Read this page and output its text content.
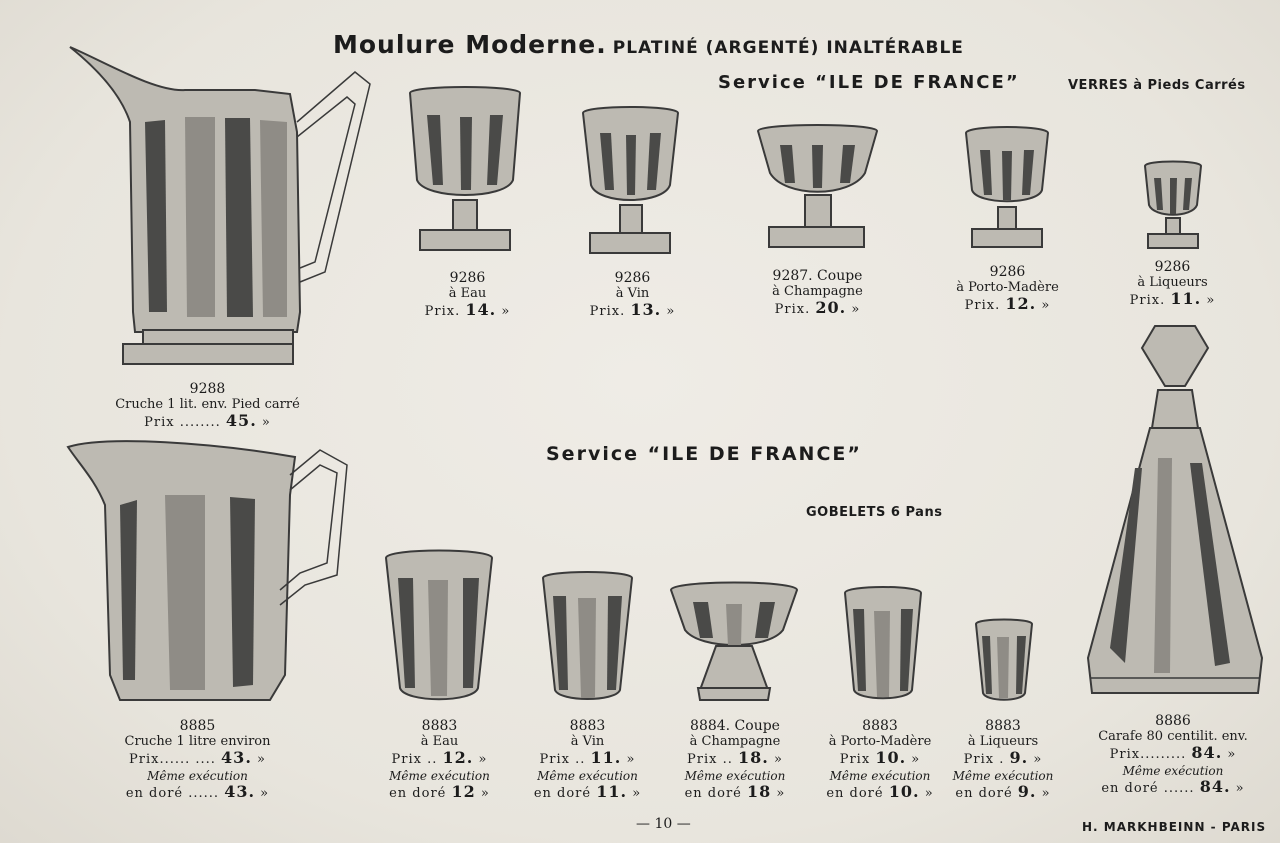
Moulure Moderne. PLATINÉ (ARGENTÉ) INALTÉRABLE
Service “ILE DE FRANCE”	VERRES à Pieds Carrés
Service “ILE DE FRANCE”
GOBELETS 6 Pans
9286
à Eau
Prix. 14. »
9286
à Vin
Prix. 13. »
9287. Coupe
à Champagne
Prix. 20. »
9286
à Porto-Madère
Prix. 12. »
9286
à Liqueurs
Prix. 11. »
9288
Cruche 1 lit. env. Pied carré
Prix ........ 45. »
8885
Cruche 1 litre environ
Prix...... .... 43. »
Même exécution
en doré ...... 43. »
8883
à Eau
Prix .. 12. »
Même exécution
en doré 12 »
8883
à Vin
Prix .. 11. »
Même exécution
en doré 11. »
8884. Coupe
à Champagne
Prix .. 18. »
Même exécution
en doré 18 »
8883
à Porto-Madère
Prix 10. »
Même exécution
en doré 10. »
8883
à Liqueurs
Prix . 9. »
Même exécution
en doré 9. »
8886
Carafe 80 centilit. env.
Prix......... 84. »
Même exécution
en doré ...... 84. »
— 10 —	H. MARKHBEINN - PARIS
